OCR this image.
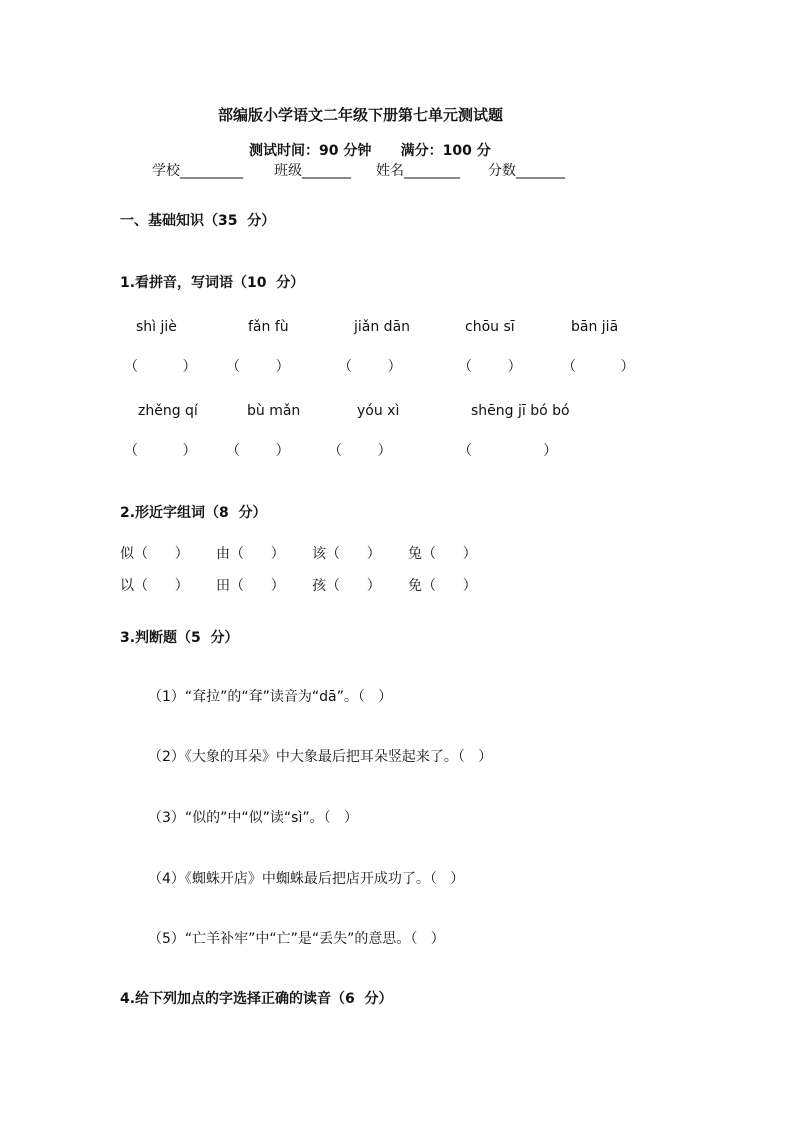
部编版小学语文二年级下册第七单元测试题
测试时间：90 分钟      满分：100 分
学校_________ 班级_______ 姓名________ 分数_______
一、基础知识（35  分）
1.看拼音，写词语（10  分）
shì jiè	fǎn fù	jiǎn dān	chōu sī	bān jiā
（          ） （        ）	（        ）	（        ）	（          ）
zhěng qí	bù mǎn	yóu xì	shēng jī bó bó
（          ） （        ）	（        ）	（                ）
2.形近字组词（8  分）
似（      ） 由（      ） 该（      ） 兔（      ）
以（      ） 田（      ） 孩（      ） 免（      ）
3.判断题（5  分）
（1）“耷拉”的“耷”读音为“dā”。（   ）
（2）《大象的耳朵》中大象最后把耳朵竖起来了。（   ）
（3）“似的”中“似”读“sì”。（   ）
（4）《蜘蛛开店》中蜘蛛最后把店开成功了。（   ）
（5）“亡羊补牢”中“亡”是“丢失”的意思。（   ）
4.给下列加点的字选择正确的读音（6  分）
